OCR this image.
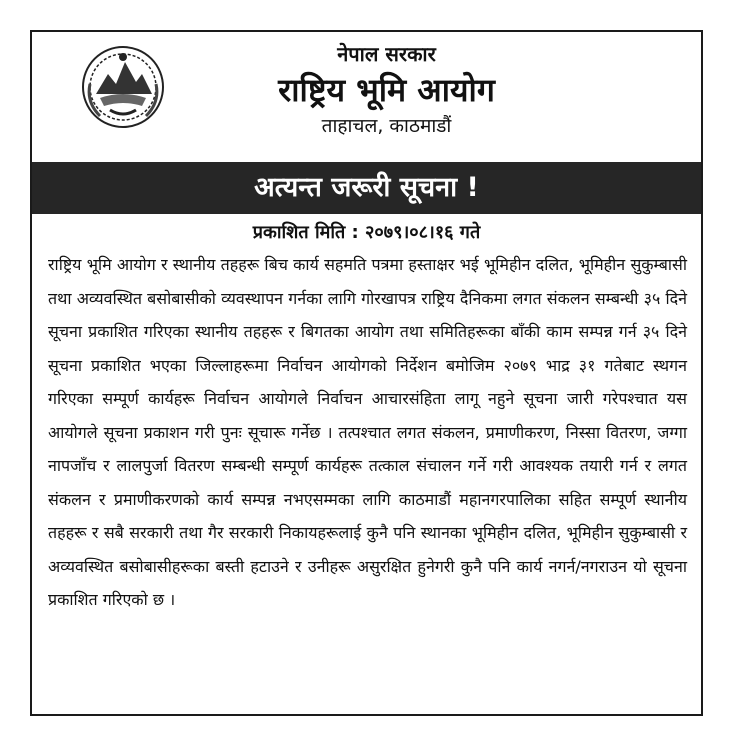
नेपाल सरकार
राष्ट्रिय भूमि आयोग
ताहाचल, काठमाडौं
अत्यन्त जरूरी सूचना !
प्रकाशित मिति : २०७९।०८।१६ गते

राष्ट्रिय भूमि आयोग र स्थानीय तहहरू बिच कार्य सहमति पत्रमा हस्ताक्षर भई भूमिहीन दलित, भूमिहीन सुकुम्बासी तथा अव्यवस्थित बसोबासीको व्यवस्थापन गर्नका लागि गोरखापत्र राष्ट्रिय दैनिकमा लगत संकलन सम्बन्धी ३५ दिने सूचना प्रकाशित गरिएका स्थानीय तहहरू र बिगतका आयोग तथा समितिहरूका बाँकी काम सम्पन्न गर्न ३५ दिने सूचना प्रकाशित भएका जिल्लाहरूमा निर्वाचन आयोगको निर्देशन बमोजिम २०७९ भाद्र ३१ गतेबाट स्थगन गरिएका सम्पूर्ण कार्यहरू निर्वाचन आयोगले निर्वाचन आचारसंहिता लागू नहुने सूचना जारी गरेपश्चात यस आयोगले सूचना प्रकाशन गरी पुनः सूचारू गर्नेछ । तत्पश्चात लगत संकलन, प्रमाणीकरण, निस्सा वितरण, जग्गा नापजाँच र लालपुर्जा वितरण सम्बन्धी सम्पूर्ण कार्यहरू तत्काल संचालन गर्ने गरी आवश्यक तयारी गर्न र लगत संकलन र प्रमाणीकरणको कार्य सम्पन्न नभएसम्मका लागि काठमाडौं महानगरपालिका सहित सम्पूर्ण स्थानीय तहहरू र सबै सरकारी तथा गैर सरकारी निकायहरूलाई कुनै पनि स्थानका भूमिहीन दलित, भूमिहीन सुकुम्बासी र अव्यवस्थित बसोबासीहरूका बस्ती हटाउने र उनीहरू असुरक्षित हुनेगरी कुनै पनि कार्य नगर्न/नगराउन यो सूचना प्रकाशित गरिएको छ ।
